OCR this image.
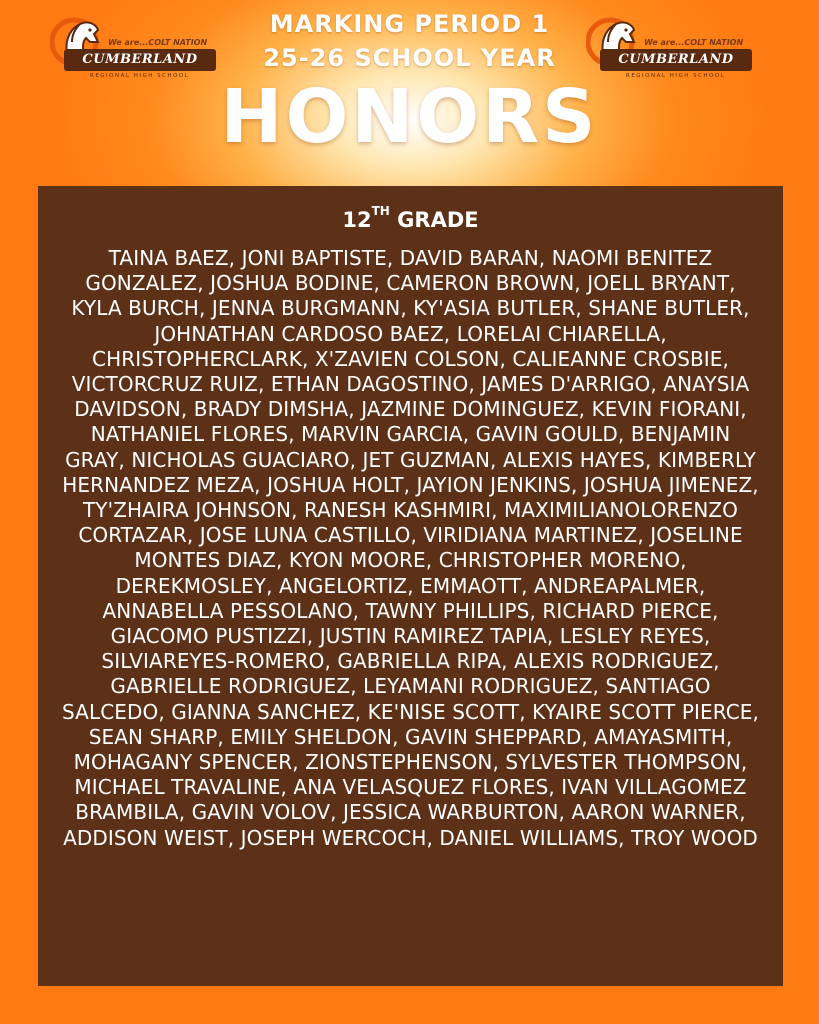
We are...COLT NATION
CUMBERLAND
REGIONAL HIGH SCHOOL
We are...COLT NATION
CUMBERLAND
REGIONAL HIGH SCHOOL
MARKING PERIOD 1
25-26 SCHOOL YEAR
HONORS
12TH GRADE
TAINA BAEZ, JONI BAPTISTE, DAVID BARAN, NAOMI BENITEZ GONZALEZ, JOSHUA BODINE, CAMERON BROWN, JOELL BRYANT, KYLA BURCH, JENNA BURGMANN, KY'ASIA BUTLER, SHANE BUTLER, JOHNATHAN CARDOSO BAEZ, LORELAI CHIARELLA, CHRISTOPHERCLARK, X'ZAVIEN COLSON, CALIEANNE CROSBIE, VICTORCRUZ RUIZ, ETHAN DAGOSTINO, JAMES D'ARRIGO, ANAYSIA DAVIDSON, BRADY DIMSHA, JAZMINE DOMINGUEZ, KEVIN FIORANI, NATHANIEL FLORES, MARVIN GARCIA, GAVIN GOULD, BENJAMIN GRAY, NICHOLAS GUACIARO, JET GUZMAN, ALEXIS HAYES, KIMBERLY HERNANDEZ MEZA, JOSHUA HOLT, JAYION JENKINS, JOSHUA JIMENEZ, TY'ZHAIRA JOHNSON, RANESH KASHMIRI, MAXIMILIANOLORENZO CORTAZAR, JOSE LUNA CASTILLO, VIRIDIANA MARTINEZ, JOSELINE MONTES DIAZ, KYON MOORE, CHRISTOPHER MORENO, DEREKMOSLEY, ANGELORTIZ, EMMAOTT, ANDREAPALMER, ANNABELLA PESSOLANO, TAWNY PHILLIPS, RICHARD PIERCE, GIACOMO PUSTIZZI, JUSTIN RAMIREZ TAPIA, LESLEY REYES, SILVIAREYES-ROMERO, GABRIELLA RIPA, ALEXIS RODRIGUEZ, GABRIELLE RODRIGUEZ, LEYAMANI RODRIGUEZ, SANTIAGO SALCEDO, GIANNA SANCHEZ, KE'NISE SCOTT, KYAIRE SCOTT PIERCE, SEAN SHARP, EMILY SHELDON, GAVIN SHEPPARD, AMAYASMITH, MOHAGANY SPENCER, ZIONSTEPHENSON, SYLVESTER THOMPSON, MICHAEL TRAVALINE, ANA VELASQUEZ FLORES, IVAN VILLAGOMEZ BRAMBILA, GAVIN VOLOV, JESSICA WARBURTON, AARON WARNER, ADDISON WEIST, JOSEPH WERCOCH, DANIEL WILLIAMS, TROY WOOD
